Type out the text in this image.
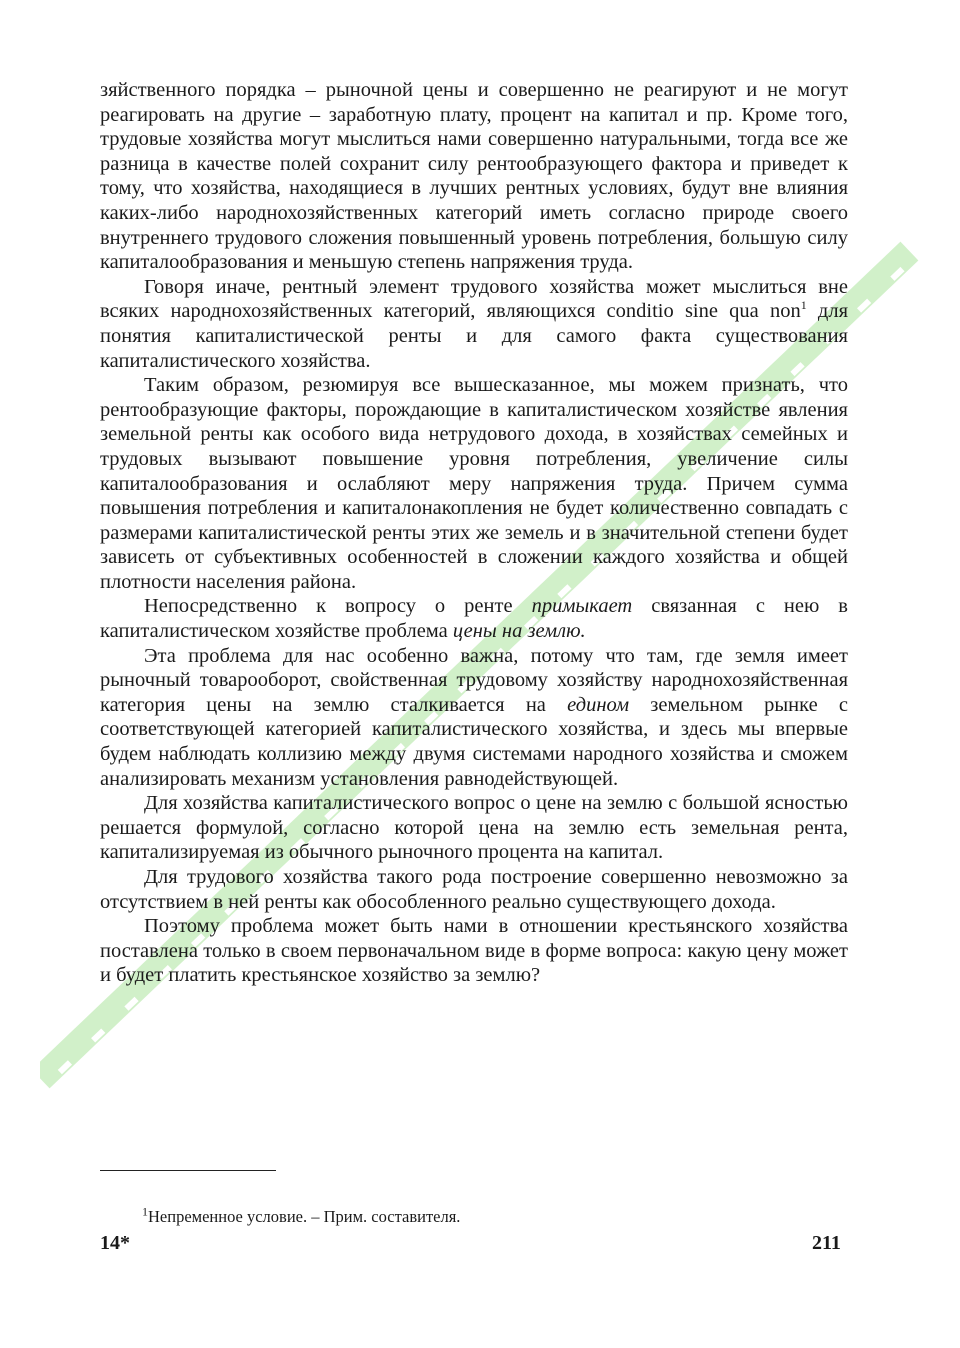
зяйственного порядка – рыночной цены и совершенно не реагируют и не могут реагировать на другие – заработную плату, процент на капитал и пр. Кроме того, трудовые хозяйства могут мыслиться нами совершенно натуральными, тогда все же разница в качестве полей сохранит силу рентообразующего фактора и приведет к тому, что хозяйства, находящиеся в лучших рентных условиях, будут вне влияния каких-либо народнохозяйственных категорий иметь согласно природе своего внутреннего трудового сложения повышенный уровень потребления, большую силу капиталообразования и меньшую степень напряжения труда.

Говоря иначе, рентный элемент трудового хозяйства может мыслиться вне всяких народнохозяйственных категорий, являющихся conditio sine qua non$^1$ для понятия капиталистической ренты и для самого факта существования капиталистического хозяйства.

Таким образом, резюмируя все вышесказанное, мы можем признать, что рентообразующие факторы, порождающие в капиталистическом хозяйстве явления земельной ренты как особого вида нетрудового дохода, в хозяйствах семейных и трудовых вызывают повышение уровня потребления, увеличение силы капиталообразования и ослабляют меру напряжения труда. Причем сумма повышения потребления и капиталонакопления не будет количественно совпадать с размерами капиталистической ренты этих же земель и в значительной степени будет зависеть от субъективных особенностей в сложении каждого хозяйства и общей плотности населения района.

Непосредственно к вопросу о ренте примыкает связанная с нею в капиталистическом хозяйстве проблема цены на землю.

Эта проблема для нас особенно важна, потому что там, где земля имеет рыночный товарооборот, свойственная трудовому хозяйству народнохозяйственная категория цены на землю сталкивается на едином земельном рынке с соответствующей категорией капиталистического хозяйства, и здесь мы впервые будем наблюдать коллизию между двумя системами народного хозяйства и сможем анализировать механизм установления равнодействующей.

Для хозяйства капиталистического вопрос о цене на землю с большой ясностью решается формулой, согласно которой цена на землю есть земельная рента, капитализируемая из обычного рыночного процента на капитал.

Для трудового хозяйства такого рода построение совершенно невозможно за отсутствием в ней ренты как обособленного реально существующего дохода.

Поэтому проблема может быть нами в отношении крестьянского хозяйства поставлена только в своем первоначальном виде в форме вопроса: какую цену может и будет платить крестьянское хозяйство за землю?

$^1$Непременное условие. – Прим. составителя.

14*	211
